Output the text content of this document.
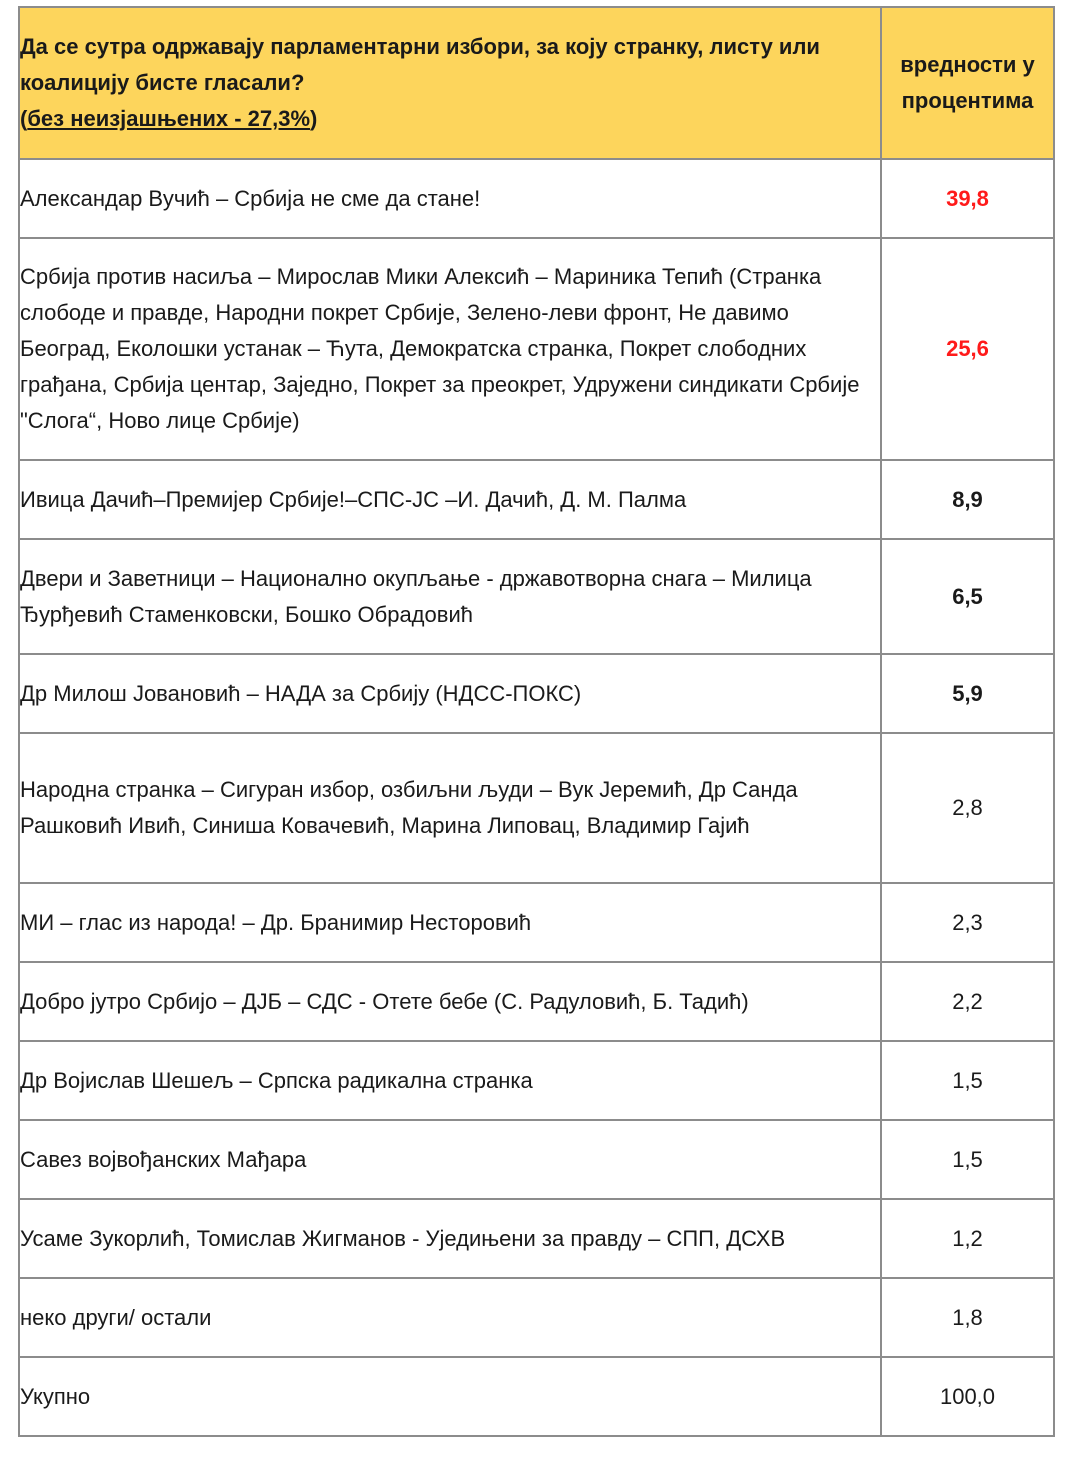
Да се сутра одржавају парламентарни избори, за коју странку, листу или коалицију бисте гласали?
(без неизјашњених - 27,3%)	вредности у процентима
Александар Вучић – Србија не сме да стане!	39,8
Србија против насиља – Мирослав Мики Алексић – Мариника Тепић (Странка слободе и правде, Народни покрет Србије, Зелено-леви фронт, Не давимо Београд, Еколошки устанак – Ћута, Демократска странка, Покрет слободних грађана, Србија центар, Заједно, Покрет за преокрет, Удружени синдикати Србије "Слога“, Ново лице Србије)	25,6
Ивица Дачић–Премијер Србије!–СПС-ЈС –И. Дачић, Д. М. Палма	8,9
Двери и Заветници – Национално окупљање - државотворна снага – Милица Ђурђевић Стаменковски, Бошко Обрадовић	6,5
Др Милош Јовановић – НАДА за Србију (НДСС-ПОКС)	5,9
Народна странка – Сигуран избор, озбиљни људи – Вук Јеремић, Др Санда Рашковић Ивић, Синиша Ковачевић, Марина Липовац, Владимир Гајић	2,8
МИ – глас из народа! – Др. Бранимир Несторовић	2,3
Добро јутро Србијо – ДЈБ – СДС - Отете бебе (С. Радуловић, Б. Тадић)	2,2
Др Војислав Шешељ – Српска радикална странка	1,5
Савез војвођанских Мађара	1,5
Усаме Зукорлић, Томислав Жигманов - Уједињени за правду – СПП, ДСХВ	1,2
неко други/ остали	1,8
Укупно	100,0
